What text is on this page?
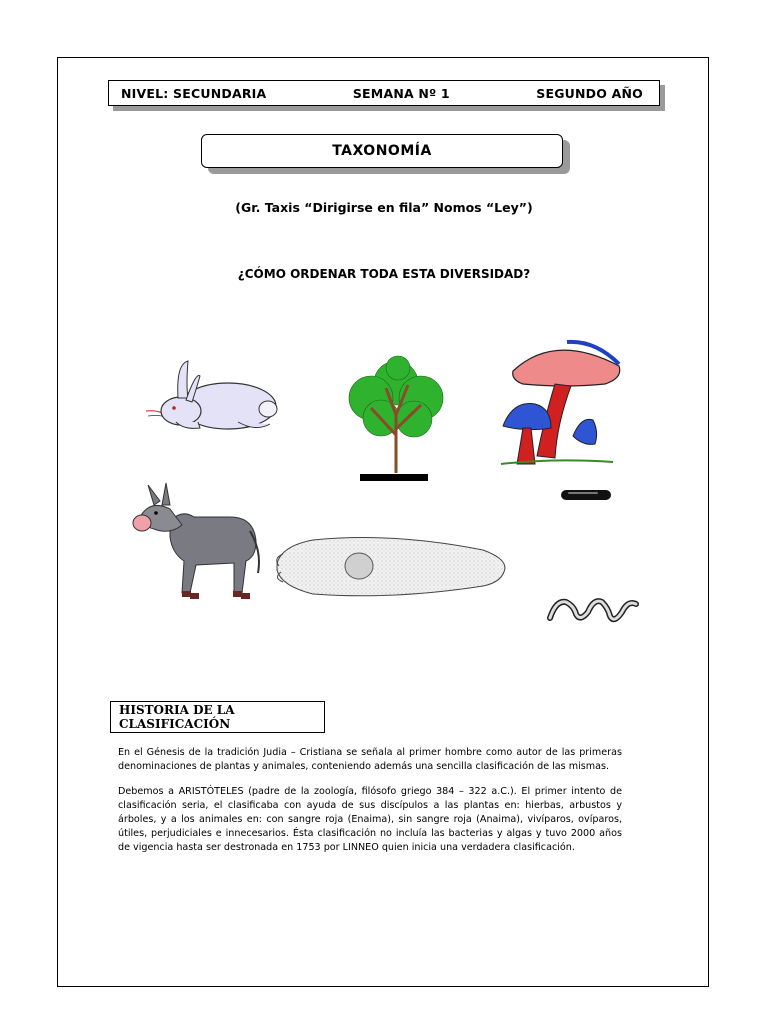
NIVEL: SECUNDARIA	SEMANA Nº 1	SEGUNDO AÑO
TAXONOMÍA
(Gr. Taxis “Dirigirse en fila” Nomos “Ley”)
¿CÓMO ORDENAR TODA ESTA DIVERSIDAD?
HISTORIA DE LA CLASIFICACIÓN
En el Génesis de la tradición Judia – Cristiana se señala al primer hombre como autor de las primeras denominaciones de plantas y animales, conteniendo además una sencilla clasificación de las mismas.
Debemos a ARISTÓTELES (padre de la zoología, filósofo griego 384 – 322 a.C.). El primer intento de clasificación seria, el clasificaba con ayuda de sus discípulos a las plantas en: hierbas, arbustos y árboles, y a los animales en: con sangre roja (Enaima), sin sangre roja (Anaima), vivíparos, ovíparos, útiles, perjudiciales e innecesarios. Ésta clasificación no incluía las bacterias y algas y tuvo 2000 años de vigencia hasta ser destronada en 1753 por LINNEO quien inicia una verdadera clasificación.
